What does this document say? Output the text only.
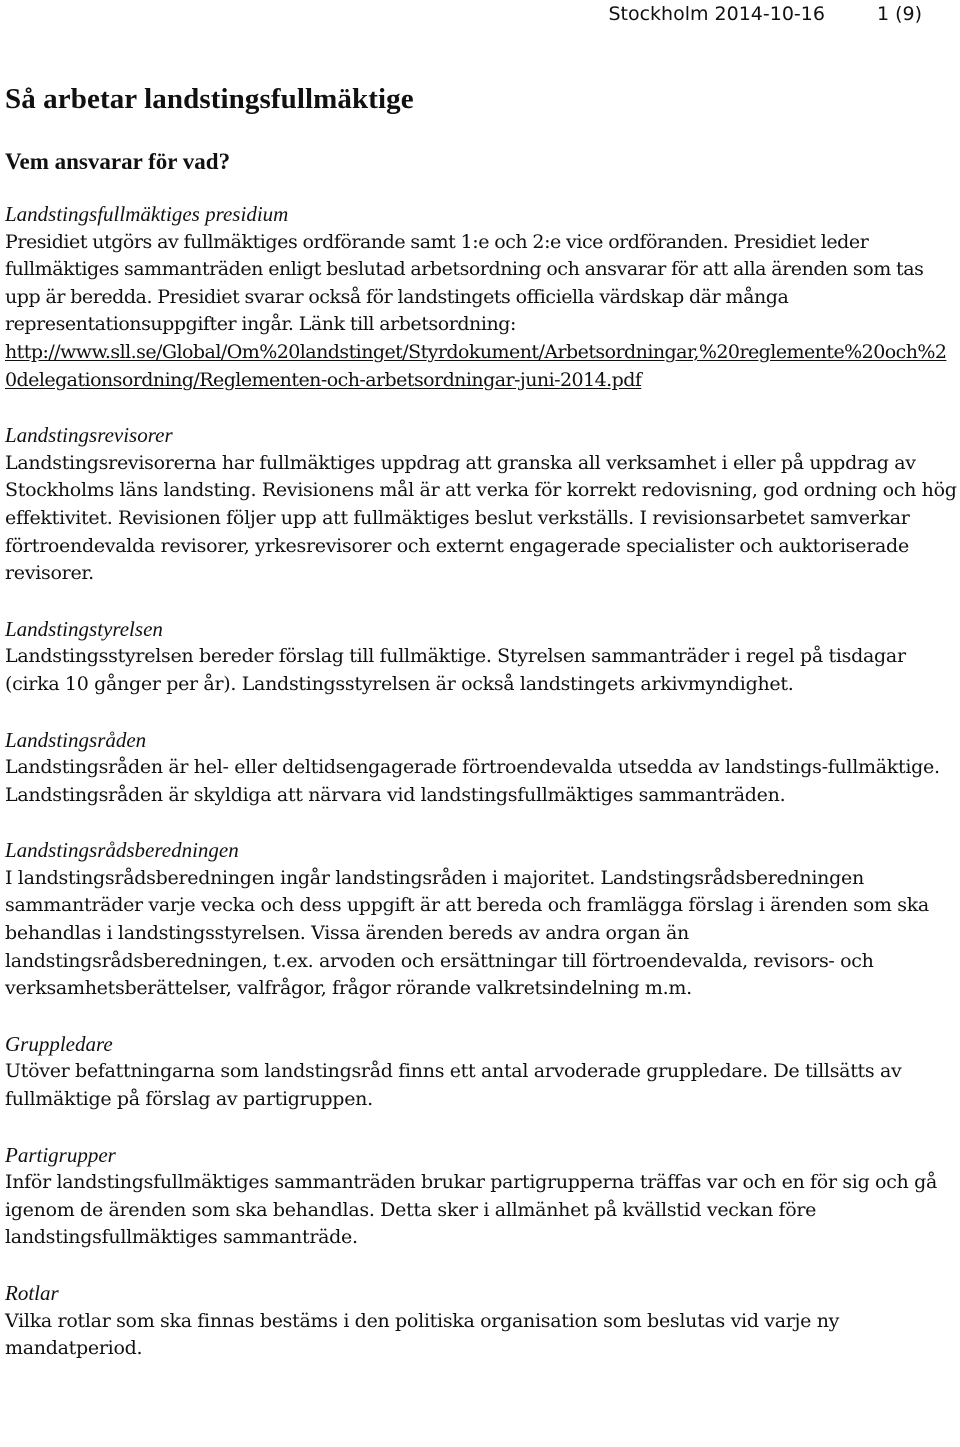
Stockholm 2014-10-16	1 (9)
Så arbetar landstingsfullmäktige
Vem ansvarar för vad?
Landstingsfullmäktiges presidium

Presidiet utgörs av fullmäktiges ordförande samt 1:e och 2:e vice ordföranden. Presidiet leder fullmäktiges sammanträden enligt beslutad arbetsordning och ansvarar för att alla ärenden som tas upp är beredda. Presidiet svarar också för landstingets officiella värdskap där många representationsuppgifter ingår. Länk till arbetsordning:

http://www.sll.se/Global/Om%20landstinget/Styrdokument/Arbetsordningar,%20reglemente%20och%20delegationsordning/Reglementen-och-arbetsordningar-juni-2014.pdf
Landstingsrevisorer

Landstingsrevisorerna har fullmäktiges uppdrag att granska all verksamhet i eller på uppdrag av Stockholms läns landsting. Revisionens mål är att verka för korrekt redovisning, god ordning och hög effektivitet. Revisionen följer upp att fullmäktiges beslut verkställs. I revisionsarbetet samverkar förtroendevalda revisorer, yrkesrevisorer och externt engagerade specialister och auktoriserade revisorer.

Landstingstyrelsen

Landstingsstyrelsen bereder förslag till fullmäktige. Styrelsen sammanträder i regel på tisdagar (cirka 10 gånger per år). Landstingsstyrelsen är också landstingets arkivmyndighet.

Landstingsråden

Landstingsråden är hel- eller deltidsengagerade förtroendevalda utsedda av landstings-fullmäktige. Landstingsråden är skyldiga att närvara vid landstingsfullmäktiges sammanträden.

Landstingsrådsberedningen

I landstingsrådsberedningen ingår landstingsråden i majoritet. Landstingsrådsberedningen sammanträder varje vecka och dess uppgift är att bereda och framlägga förslag i ärenden som ska behandlas i landstingsstyrelsen. Vissa ärenden bereds av andra organ än landstingsrådsberedningen, t.ex. arvoden och ersättningar till förtroendevalda, revisors- och verksamhetsberättelser, valfrågor, frågor rörande valkretsindelning m.m.

Gruppledare

Utöver befattningarna som landstingsråd finns ett antal arvoderade gruppledare. De tillsätts av fullmäktige på förslag av partigruppen.

Partigrupper

Inför landstingsfullmäktiges sammanträden brukar partigrupperna träffas var och en för sig och gå igenom de ärenden som ska behandlas. Detta sker i allmänhet på kvällstid veckan före landstingsfullmäktiges sammanträde.

Rotlar

Vilka rotlar som ska finnas bestäms i den politiska organisation som beslutas vid varje ny mandatperiod.
